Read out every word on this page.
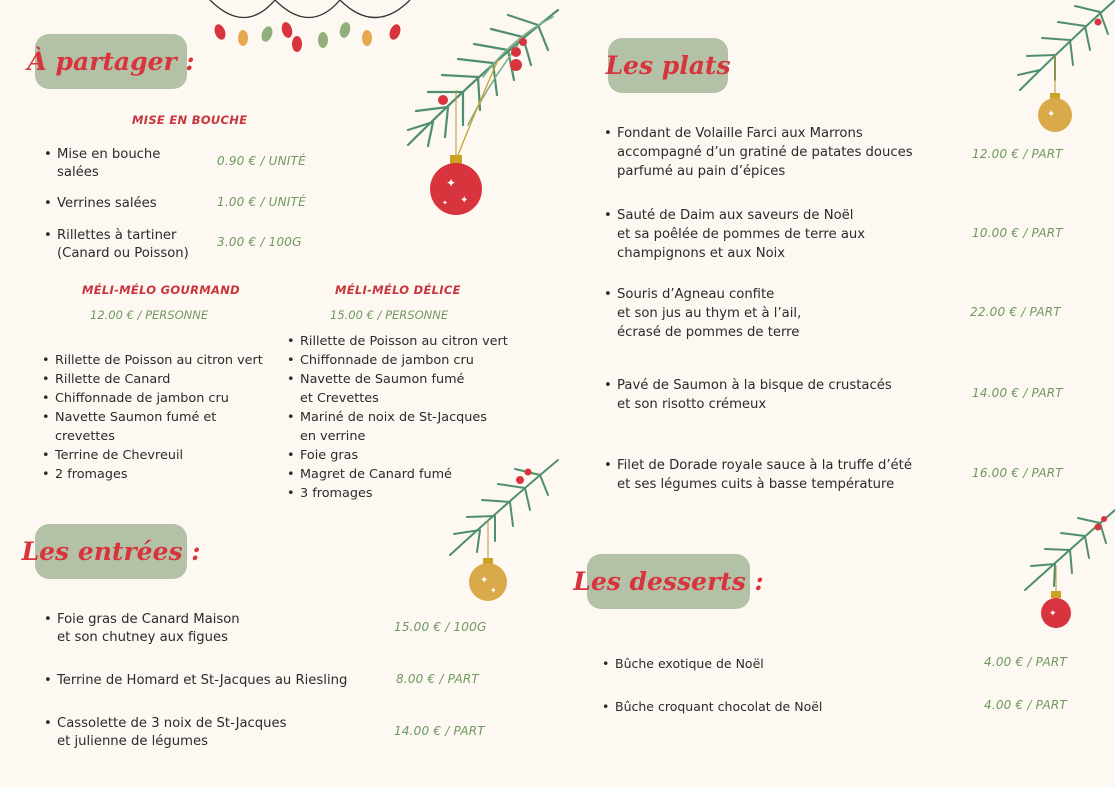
✦
✦
✦
✦
✦
✦
✦
À partager :
MISE EN BOUCHE
• Mise en bouche
salées
0.90 € / UNITÉ
• Verrines salées	1.00 € / UNITÉ
• Rillettes à tartiner
(Canard ou Poisson)
3.00 € / 100G
MÉLI-MÉLO GOURMAND
12.00 € / PERSONNE
• Rillette de Poisson au citron vert
• Rillette de Canard
• Chiffonnade de jambon cru
• Navette Saumon fumé et
crevettes
• Terrine de Chevreuil
• 2 fromages
MÉLI-MÉLO DÉLICE
15.00 € / PERSONNE
• Rillette de Poisson au citron vert
• Chiffonnade de jambon cru
• Navette de Saumon fumé
et Crevettes
• Mariné de noix de St-Jacques
en verrine
• Foie gras
• Magret de Canard fumé
• 3 fromages
Les entrées :
• Foie gras de Canard Maison
et son chutney aux figues
15.00 € / 100G
• Terrine de Homard et St-Jacques au Riesling	8.00 € / PART
• Cassolette de 3 noix de St-Jacques
et julienne de légumes
14.00 € / PART
Les plats
• Fondant de Volaille Farci aux Marrons
accompagné d’un gratiné de patates douces
parfumé au pain d’épices
12.00 € / PART
• Sauté de Daim aux saveurs de Noël
et sa poêlée de pommes de terre aux
champignons et aux Noix
10.00 € / PART
• Souris d’Agneau confite
et son jus au thym et à l’ail,
écrasé de pommes de terre
22.00 € / PART
• Pavé de Saumon à la bisque de crustacés
et son risotto crémeux
14.00 € / PART
• Filet de Dorade royale sauce à la truffe d’été
et ses légumes cuits à basse température
16.00 € / PART
Les desserts :
• Bûche exotique de Noël	4.00 € / PART
• Bûche croquant chocolat de Noël	4.00 € / PART
